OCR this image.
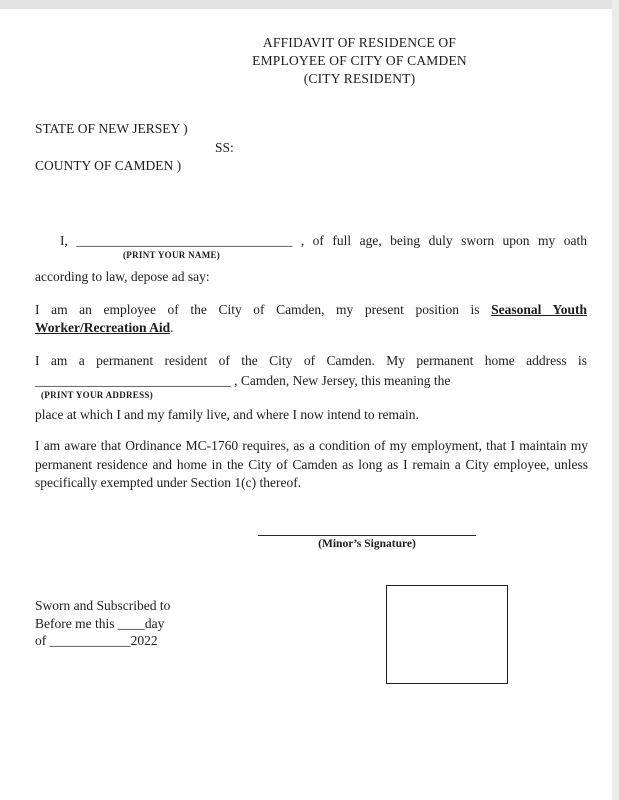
AFFIDAVIT OF RESIDENCE OF
EMPLOYEE OF CITY OF CAMDEN
(CITY RESIDENT)
STATE OF NEW JERSEY )
SS:
COUNTY OF CAMDEN )
I, ________________________________ , of full age, being duly sworn upon my oath
(PRINT YOUR NAME)
according to law, depose ad say:
I am an employee of the City of Camden, my present position is Seasonal Youth
Worker/Recreation Aid.
I am a permanent resident of the City of Camden. My permanent home address is
_____________________________ , Camden, New Jersey, this meaning the
(PRINT YOUR ADDRESS)
place at which I and my family live, and where I now intend to remain.
I am aware that Ordinance MC-1760 requires, as a condition of my employment, that I maintain my permanent residence and home in the City of Camden as long as I remain a City employee, unless specifically exempted under Section 1(c) thereof.
(Minor’s Signature)
Sworn and Subscribed to
Before me this ____day
of ____________2022
